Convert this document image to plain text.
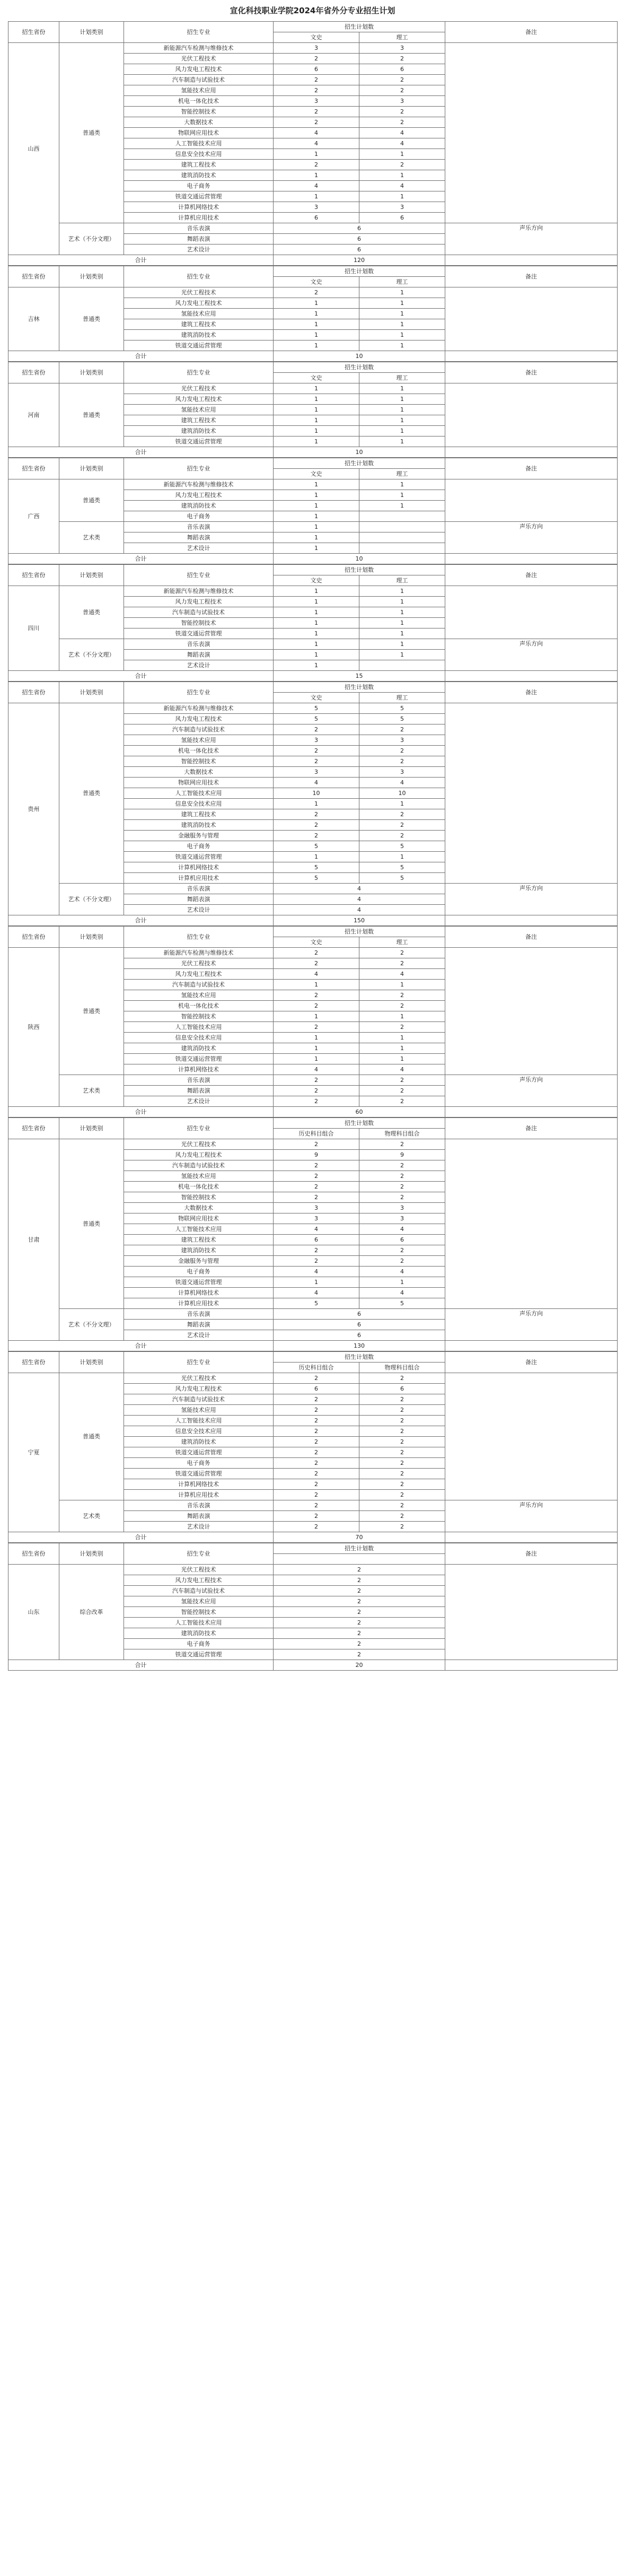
宣化科技职业学院2024年省外分专业招生计划
招生省份	计划类别	招生专业	招生计划数		备注
			文史	理工	
山西	普通类	新能源汽车检测与维修技术	3	3	
		光伏工程技术	2	2	
		风力发电工程技术	6	6	
		汽车制造与试验技术	2	2	
		氢能技术应用	2	2	
		机电一体化技术	3	3	
		智能控制技术	2	2	
		大数据技术	2	2	
		物联网应用技术	4	4	
		人工智能技术应用	4	4	
		信息安全技术应用	1	1	
		建筑工程技术	2	2	
		建筑消防技术	1	1	
		电子商务	4	4	
		铁道交通运营管理	1	1	
		计算机网络技术	3	3	
		计算机应用技术	6	6	
	艺术（不分文理）	音乐表演	6		声乐方向
		舞蹈表演	6		
		艺术设计	6		
合计			120		
招生省份	计划类别	招生专业	招生计划数		备注
			文史	理工	
吉林	普通类	光伏工程技术	2	1	
		风力发电工程技术	1	1	
		氢能技术应用	1	1	
		建筑工程技术	1	1	
		建筑消防技术	1	1	
		铁道交通运营管理	1	1	
合计			10		
招生省份	计划类别	招生专业	招生计划数		备注
			文史	理工	
河南	普通类	光伏工程技术	1	1	
		风力发电工程技术	1	1	
		氢能技术应用	1	1	
		建筑工程技术	1	1	
		建筑消防技术	1	1	
		铁道交通运营管理	1	1	
合计			10		
招生省份	计划类别	招生专业	招生计划数		备注
			文史	理工	
广西	普通类	新能源汽车检测与维修技术	1	1	
		风力发电工程技术	1	1	
		建筑消防技术	1	1	
		电子商务	1		
	艺术类	音乐表演	1		声乐方向
		舞蹈表演	1		
		艺术设计	1		
合计			10		
招生省份	计划类别	招生专业	招生计划数		备注
			文史	理工	
四川	普通类	新能源汽车检测与维修技术	1	1	
		风力发电工程技术	1	1	
		汽车制造与试验技术	1	1	
		智能控制技术	1	1	
		铁道交通运营管理	1	1	
	艺术（不分文理）	音乐表演	1	1	声乐方向
		舞蹈表演	1	1	
		艺术设计	1		
合计			15		
招生省份	计划类别	招生专业	招生计划数		备注
			文史	理工	
贵州	普通类	新能源汽车检测与维修技术	5	5	
		风力发电工程技术	5	5	
		汽车制造与试验技术	2	2	
		氢能技术应用	3	3	
		机电一体化技术	2	2	
		智能控制技术	2	2	
		大数据技术	3	3	
		物联网应用技术	4	4	
		人工智能技术应用	10	10	
		信息安全技术应用	1	1	
		建筑工程技术	2	2	
		建筑消防技术	2	2	
		金融服务与管理	2	2	
		电子商务	5	5	
		铁道交通运营管理	1	1	
		计算机网络技术	5	5	
		计算机应用技术	5	5	
	艺术（不分文理）	音乐表演	4		声乐方向
		舞蹈表演	4		
		艺术设计	4		
合计			150		
招生省份	计划类别	招生专业	招生计划数		备注
			文史	理工	
陕西	普通类	新能源汽车检测与维修技术	2	2	
		光伏工程技术	2	2	
		风力发电工程技术	4	4	
		汽车制造与试验技术	1	1	
		氢能技术应用	2	2	
		机电一体化技术	2	2	
		智能控制技术	1	1	
		人工智能技术应用	2	2	
		信息安全技术应用	1	1	
		建筑消防技术	1	1	
		铁道交通运营管理	1	1	
		计算机网络技术	4	4	
	艺术类	音乐表演	2	2	声乐方向
		舞蹈表演	2	2	
		艺术设计	2	2	
合计			60		
招生省份	计划类别	招生专业	招生计划数		备注
			历史科目组合	物理科目组合	
甘肃	普通类	光伏工程技术	2	2	
		风力发电工程技术	9	9	
		汽车制造与试验技术	2	2	
		氢能技术应用	2	2	
		机电一体化技术	2	2	
		智能控制技术	2	2	
		大数据技术	3	3	
		物联网应用技术	3	3	
		人工智能技术应用	4	4	
		建筑工程技术	6	6	
		建筑消防技术	2	2	
		金融服务与管理	2	2	
		电子商务	4	4	
		铁道交通运营管理	1	1	
		计算机网络技术	4	4	
		计算机应用技术	5	5	
	艺术（不分文理）	音乐表演	6		声乐方向
		舞蹈表演	6		
		艺术设计	6		
合计			130		
招生省份	计划类别	招生专业	招生计划数		备注
			历史科目组合	物理科目组合	
宁夏	普通类	光伏工程技术	2	2	
		风力发电工程技术	6	6	
		汽车制造与试验技术	2	2	
		氢能技术应用	2	2	
		人工智能技术应用	2	2	
		信息安全技术应用	2	2	
		建筑消防技术	2	2	
		铁道交通运营管理	2	2	
		电子商务	2	2	
		铁道交通运营管理	2	2	
		计算机网络技术	2	2	
		计算机应用技术	2	2	
	艺术类	音乐表演	2	2	声乐方向
		舞蹈表演	2	2	
		艺术设计	2	2	
合计			70		
招生省份	计划类别	招生专业	招生计划数	备注

山东	综合改革	光伏工程技术	2	
		风力发电工程技术	2	
		汽车制造与试验技术	2	
		氢能技术应用	2	
		智能控制技术	2	
		人工智能技术应用	2	
		建筑消防技术	2	
		电子商务	2	
		铁道交通运营管理	2	
合计			20	
